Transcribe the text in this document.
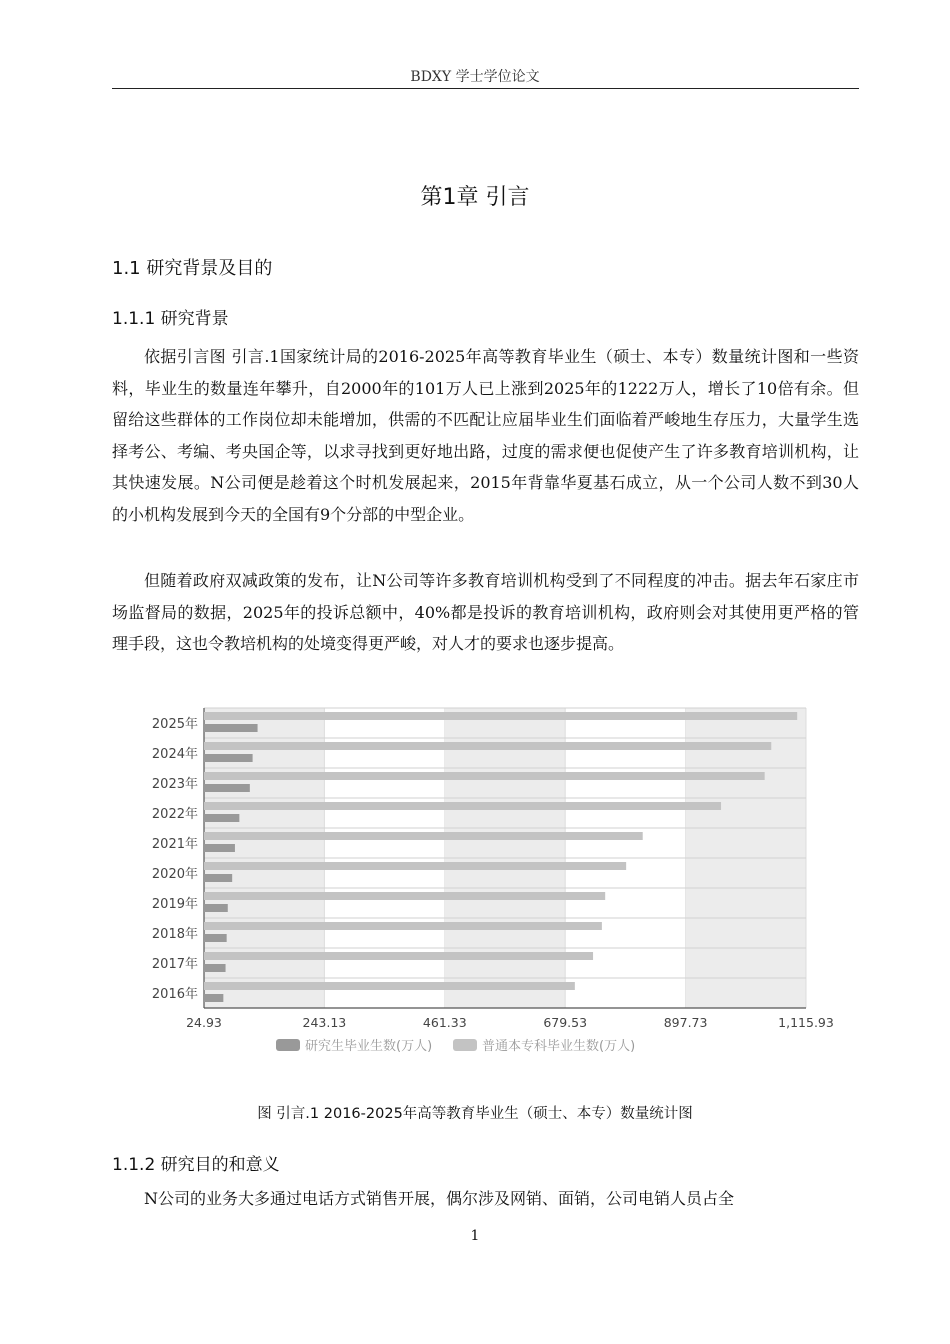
BDXY 学士学位论文
第1章 引言
1.1 研究背景及目的
1.1.1 研究背景
依据引言图 引言.1国家统计局的2016-2025年高等教育毕业生（硕士、本专）数量统计图和一些资料，毕业生的数量连年攀升，自2000年的101万人已上涨到2025年的1222万人，增长了10倍有余。但留给这些群体的工作岗位却未能增加，供需的不匹配让应届毕业生们面临着严峻地生存压力，大量学生选择考公、考编、考央国企等，以求寻找到更好地出路，过度的需求便也促使产生了许多教育培训机构，让其快速发展。N公司便是趁着这个时机发展起来，2015年背靠华夏基石成立，从一个公司人数不到30人的小机构发展到今天的全国有9个分部的中型企业。
但随着政府双减政策的发布，让N公司等许多教育培训机构受到了不同程度的冲击。据去年石家庄市场监督局的数据，2025年的投诉总额中，40%都是投诉的教育培训机构，政府则会对其使用更严格的管理手段，这也令教培机构的处境变得更严峻，对人才的要求也逐步提高。
2025年
2024年
2023年
2022年
2021年
2020年
2019年
2018年
2017年
2016年
24.93	243.13	461.33	679.53	897.73	1,115.93
研究生毕业生数(万人)	普通本专科毕业生数(万人)
图 引言.1 2016-2025年高等教育毕业生（硕士、本专）数量统计图
1.1.2 研究目的和意义
N公司的业务大多通过电话方式销售开展，偶尔涉及网销、面销，公司电销人员占全
1
